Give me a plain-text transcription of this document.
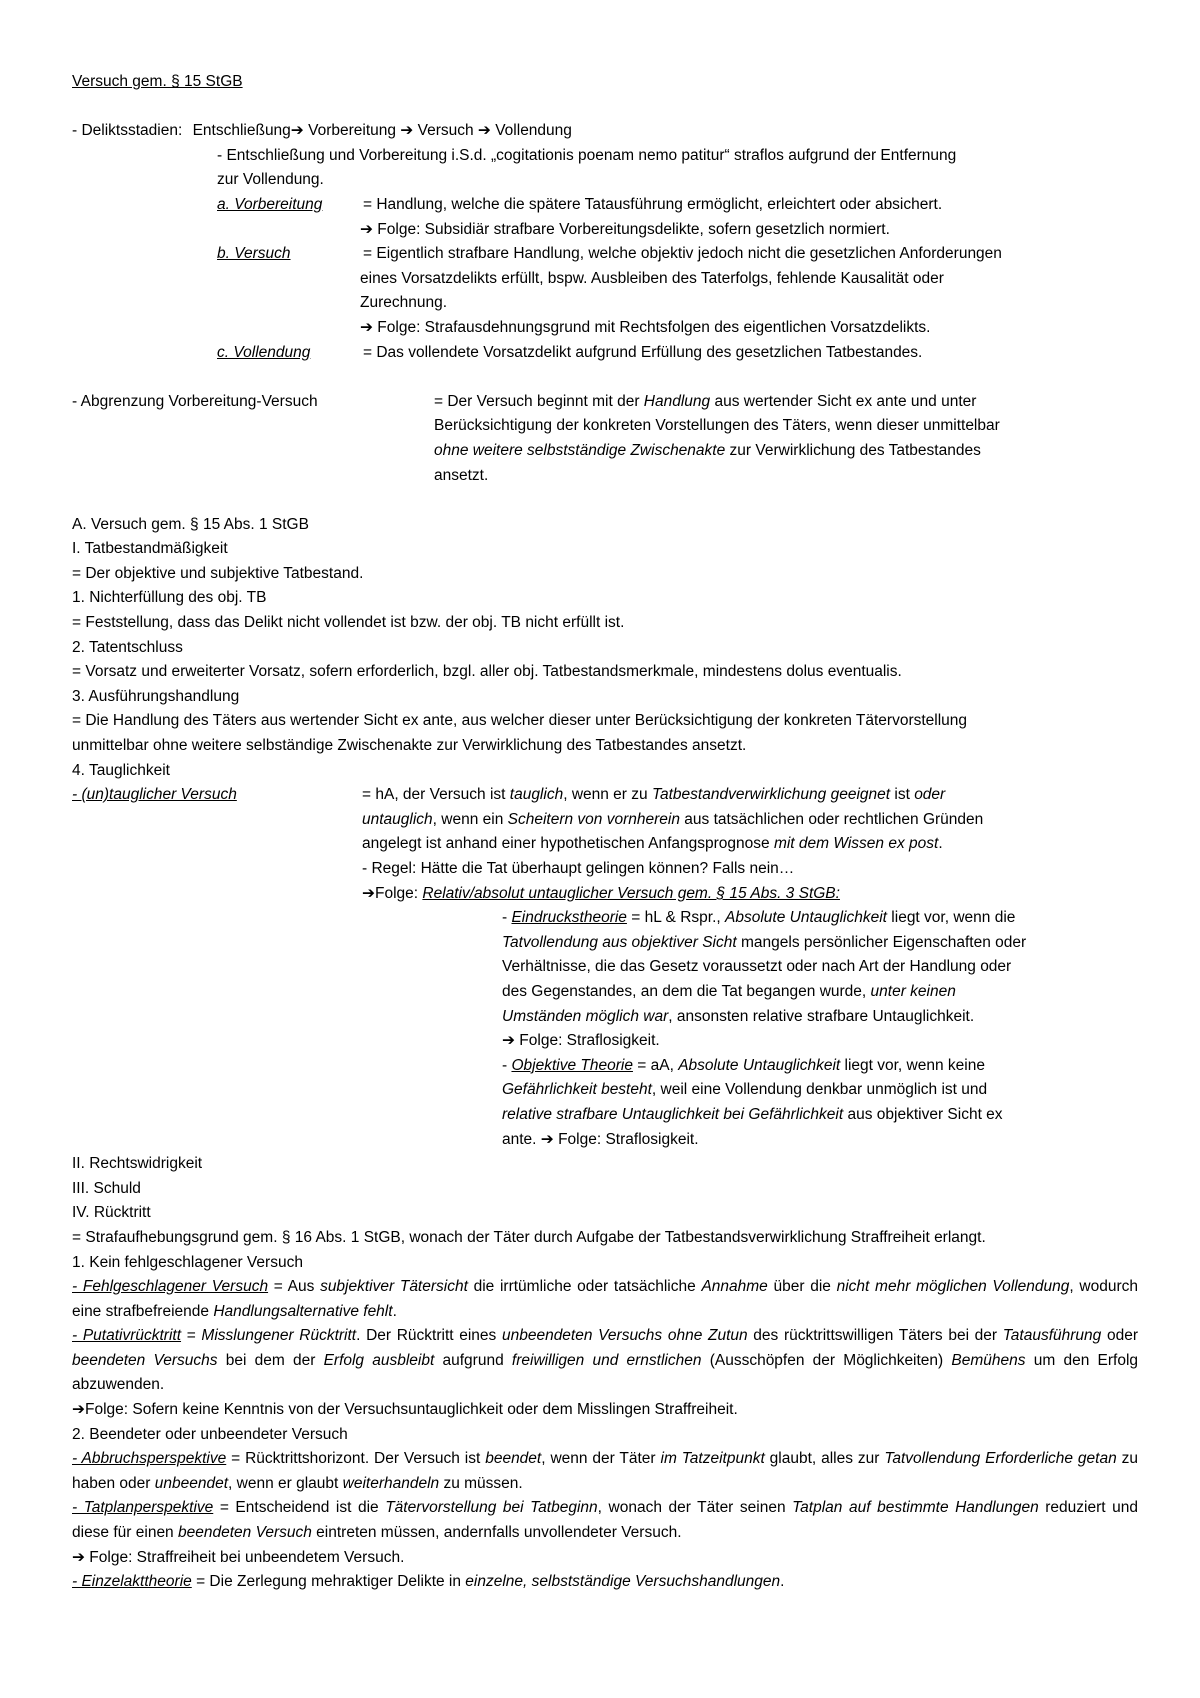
Versuch gem. § 15 StGB
- Deliktsstadien: Entschließung➔ Vorbereitung ➔ Versuch ➔ Vollendung
- Entschließung und Vorbereitung i.S.d. „cogitationis poenam nemo patitur“ straflos aufgrund der Entfernung
zur Vollendung.
a. Vorbereitung	= Handlung, welche die spätere Tatausführung ermöglicht, erleichtert oder absichert.
➔ Folge: Subsidiär strafbare Vorbereitungsdelikte, sofern gesetzlich normiert.
b. Versuch	= Eigentlich strafbare Handlung, welche objektiv jedoch nicht die gesetzlichen Anforderungen
eines Vorsatzdelikts erfüllt, bspw. Ausbleiben des Taterfolgs, fehlende Kausalität oder
Zurechnung.
➔ Folge: Strafausdehnungsgrund mit Rechtsfolgen des eigentlichen Vorsatzdelikts.
c. Vollendung	= Das vollendete Vorsatzdelikt aufgrund Erfüllung des gesetzlichen Tatbestandes.
- Abgrenzung Vorbereitung-Versuch	= Der Versuch beginnt mit der Handlung aus wertender Sicht ex ante und unter
Berücksichtigung der konkreten Vorstellungen des Täters, wenn dieser unmittelbar
ohne weitere selbstständige Zwischenakte zur Verwirklichung des Tatbestandes
ansetzt.
A. Versuch gem. § 15 Abs. 1 StGB
I. Tatbestandmäßigkeit
= Der objektive und subjektive Tatbestand.
1. Nichterfüllung des obj. TB
= Feststellung, dass das Delikt nicht vollendet ist bzw. der obj. TB nicht erfüllt ist.
2. Tatentschluss
= Vorsatz und erweiterter Vorsatz, sofern erforderlich, bzgl. aller obj. Tatbestandsmerkmale, mindestens dolus eventualis.
3. Ausführungshandlung
= Die Handlung des Täters aus wertender Sicht ex ante, aus welcher dieser unter Berücksichtigung der konkreten Tätervorstellung
unmittelbar ohne weitere selbständige Zwischenakte zur Verwirklichung des Tatbestandes ansetzt.
4. Tauglichkeit
- (un)tauglicher Versuch	= hA, der Versuch ist tauglich, wenn er zu Tatbestandverwirklichung geeignet ist oder
untauglich, wenn ein Scheitern von vornherein aus tatsächlichen oder rechtlichen Gründen
angelegt ist anhand einer hypothetischen Anfangsprognose mit dem Wissen ex post.
- Regel: Hätte die Tat überhaupt gelingen können? Falls nein…
➔Folge: Relativ/absolut untauglicher Versuch gem. § 15 Abs. 3 StGB:
- Eindruckstheorie = hL & Rspr., Absolute Untauglichkeit liegt vor, wenn die
Tatvollendung aus objektiver Sicht mangels persönlicher Eigenschaften oder
Verhältnisse, die das Gesetz voraussetzt oder nach Art der Handlung oder
des Gegenstandes, an dem die Tat begangen wurde, unter keinen
Umständen möglich war, ansonsten relative strafbare Untauglichkeit.
➔ Folge: Straflosigkeit.
- Objektive Theorie = aA, Absolute Untauglichkeit liegt vor, wenn keine
Gefährlichkeit besteht, weil eine Vollendung denkbar unmöglich ist und
relative strafbare Untauglichkeit bei Gefährlichkeit aus objektiver Sicht ex
ante. ➔ Folge: Straflosigkeit.
II. Rechtswidrigkeit
III. Schuld
IV. Rücktritt
= Strafaufhebungsgrund gem. § 16 Abs. 1 StGB, wonach der Täter durch Aufgabe der Tatbestandsverwirklichung Straffreiheit erlangt.
1. Kein fehlgeschlagener Versuch
- Fehlgeschlagener Versuch = Aus subjektiver Tätersicht die irrtümliche oder tatsächliche Annahme über die nicht mehr möglichen Vollendung, wodurch eine strafbefreiende Handlungsalternative fehlt.
- Putativrücktritt = Misslungener Rücktritt. Der Rücktritt eines unbeendeten Versuchs ohne Zutun des rücktrittswilligen Täters bei der Tatausführung oder beendeten Versuchs bei dem der Erfolg ausbleibt aufgrund freiwilligen und ernstlichen (Ausschöpfen der Möglichkeiten) Bemühens um den Erfolg abzuwenden.
➔Folge: Sofern keine Kenntnis von der Versuchsuntauglichkeit oder dem Misslingen Straffreiheit.
2. Beendeter oder unbeendeter Versuch
- Abbruchsperspektive = Rücktrittshorizont. Der Versuch ist beendet, wenn der Täter im Tatzeitpunkt glaubt, alles zur Tatvollendung Erforderliche getan zu haben oder unbeendet, wenn er glaubt weiterhandeln zu müssen.
- Tatplanperspektive = Entscheidend ist die Tätervorstellung bei Tatbeginn, wonach der Täter seinen Tatplan auf bestimmte Handlungen reduziert und diese für einen beendeten Versuch eintreten müssen, andernfalls unvollendeter Versuch.
➔ Folge: Straffreiheit bei unbeendetem Versuch.
- Einzelakttheorie = Die Zerlegung mehraktiger Delikte in einzelne, selbstständige Versuchshandlungen.
